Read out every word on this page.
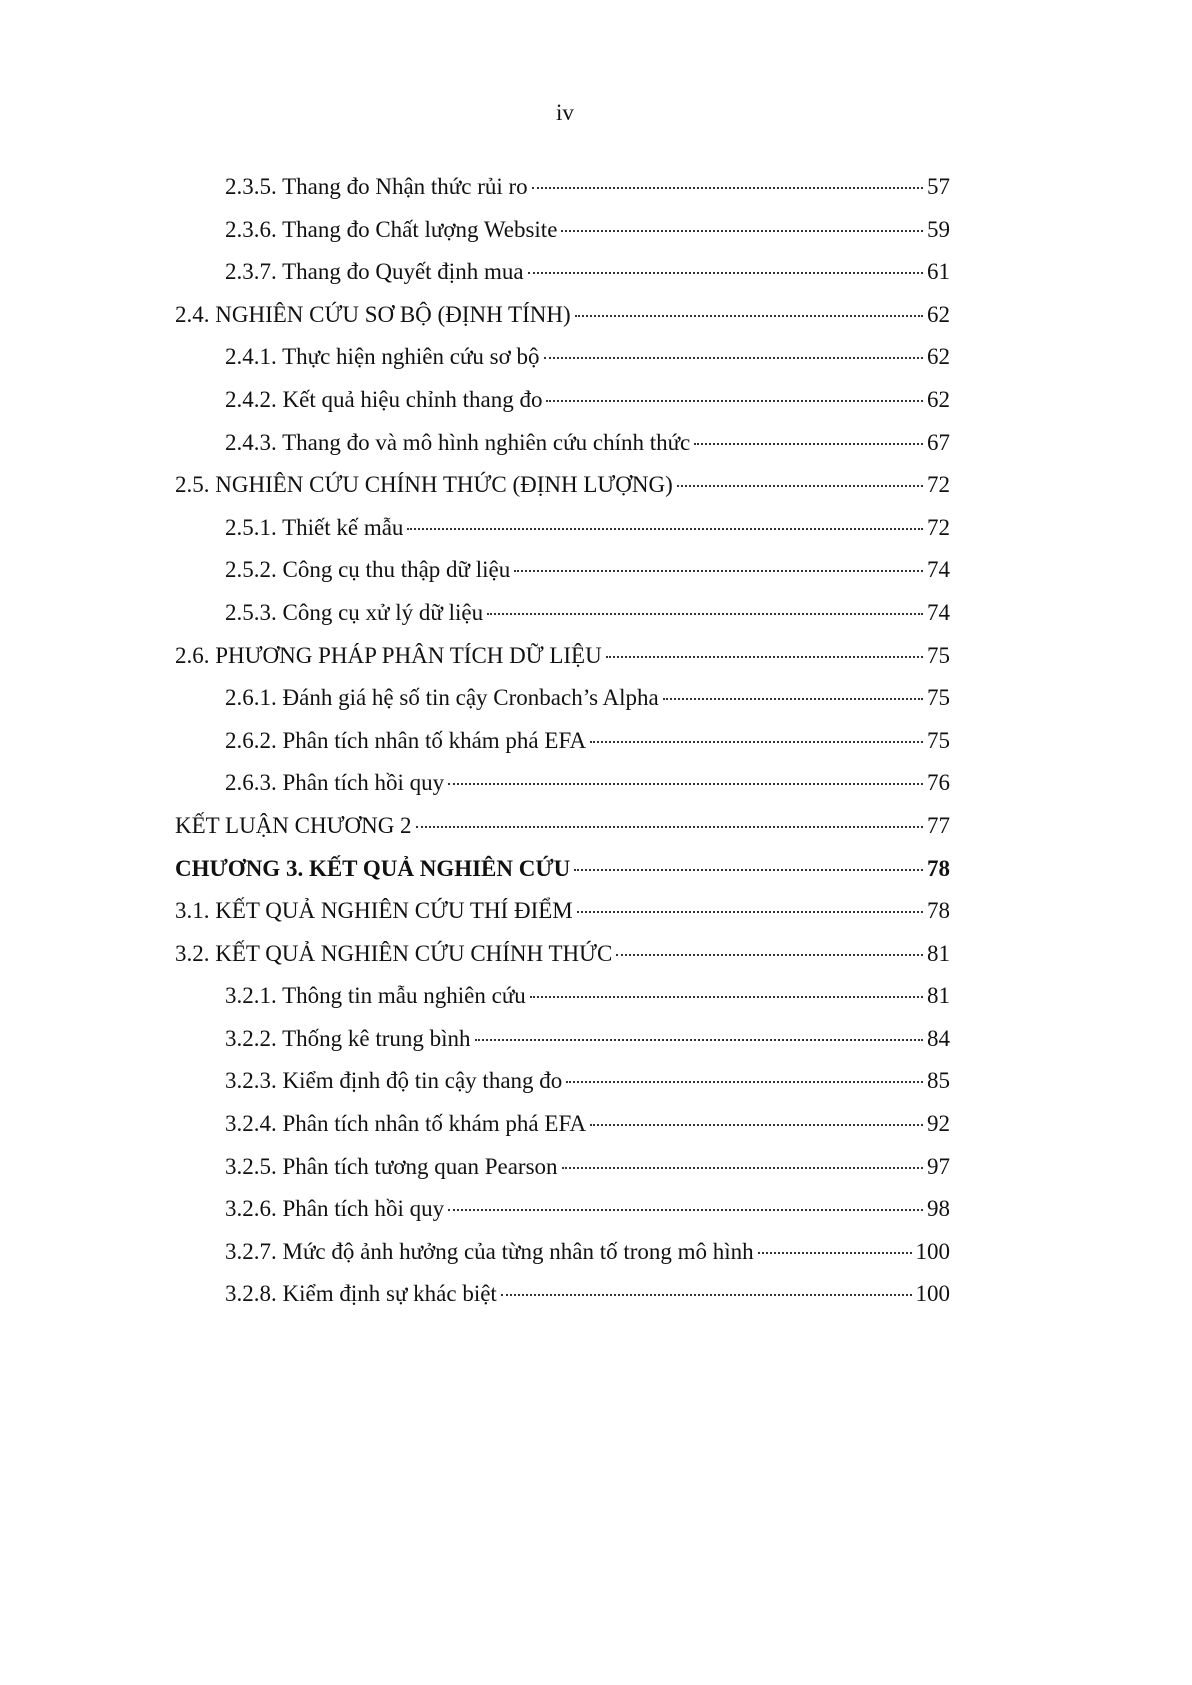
iv
2.3.5. Thang đo Nhận thức rủi ro	57
2.3.6. Thang đo Chất lượng Website	59
2.3.7. Thang đo Quyết định mua	61
2.4. NGHIÊN CỨU SƠ BỘ (ĐỊNH TÍNH)	62
2.4.1. Thực hiện nghiên cứu sơ bộ	62
2.4.2. Kết quả hiệu chỉnh thang đo	62
2.4.3. Thang đo và mô hình nghiên cứu chính thức	67
2.5. NGHIÊN CỨU CHÍNH THỨC (ĐỊNH LƯỢNG)	72
2.5.1. Thiết kế mẫu	72
2.5.2. Công cụ thu thập dữ liệu	74
2.5.3. Công cụ xử lý dữ liệu	74
2.6. PHƯƠNG PHÁP PHÂN TÍCH DỮ LIỆU	75
2.6.1. Đánh giá hệ số tin cậy Cronbach’s Alpha	75
2.6.2. Phân tích nhân tố khám phá EFA	75
2.6.3. Phân tích hồi quy	76
KẾT LUẬN CHƯƠNG 2	77
CHƯƠNG 3. KẾT QUẢ NGHIÊN CỨU	78
3.1. KẾT QUẢ NGHIÊN CỨU THÍ ĐIỂM	78
3.2. KẾT QUẢ NGHIÊN CỨU CHÍNH THỨC	81
3.2.1. Thông tin mẫu nghiên cứu	81
3.2.2. Thống kê trung bình	84
3.2.3. Kiểm định độ tin cậy thang đo	85
3.2.4. Phân tích nhân tố khám phá EFA	92
3.2.5. Phân tích tương quan Pearson	97
3.2.6. Phân tích hồi quy	98
3.2.7. Mức độ ảnh hưởng của từng nhân tố trong mô hình	100
3.2.8. Kiểm định sự khác biệt	100
